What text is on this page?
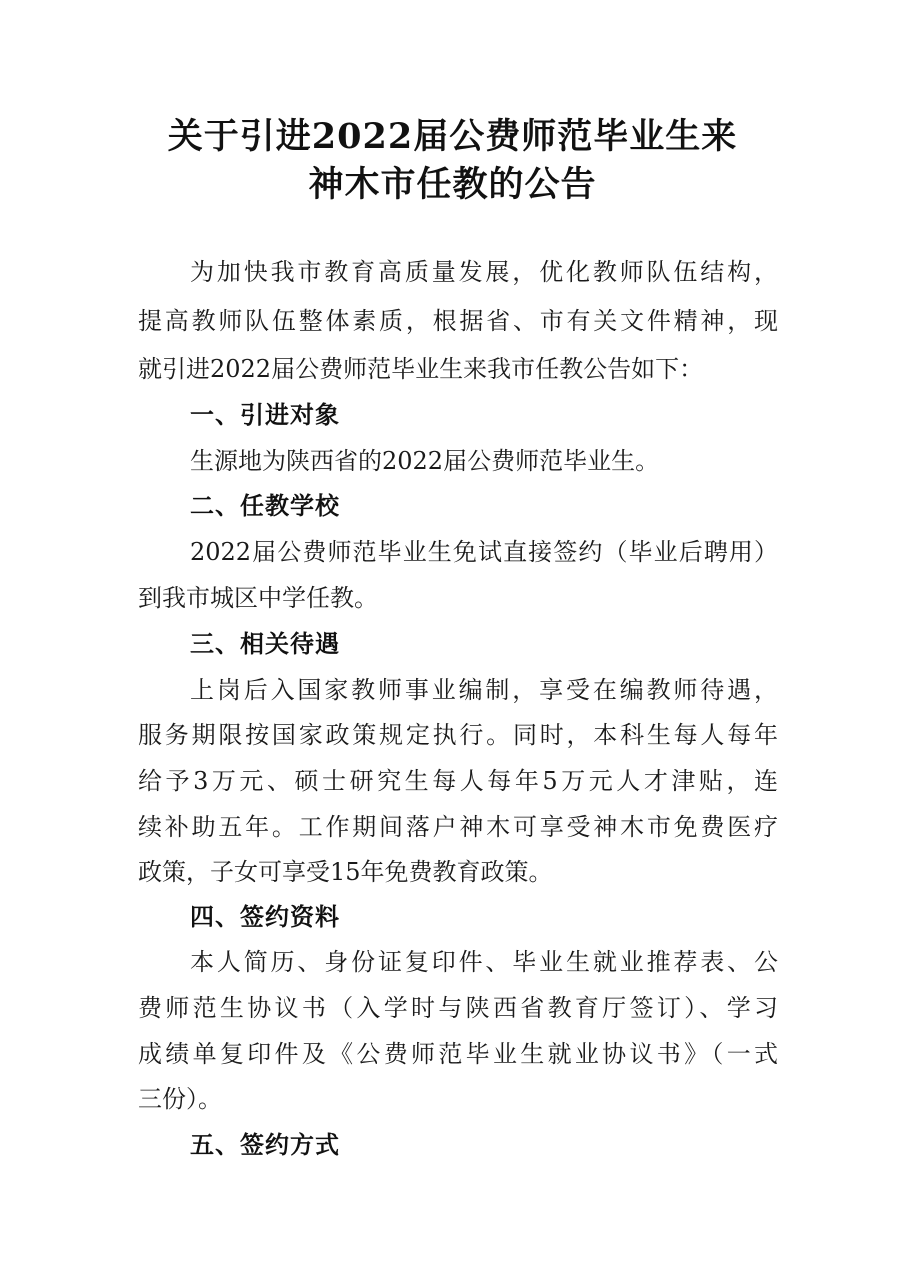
关于引进2022届公费师范毕业生来
神木市任教的公告
为加快我市教育高质量发展，优化教师队伍结构，
提高教师队伍整体素质，根据省、市有关文件精神，现
就引进2022届公费师范毕业生来我市任教公告如下：
一、引进对象
生源地为陕西省的2022届公费师范毕业生。
二、任教学校
2022届公费师范毕业生免试直接签约（毕业后聘用）
到我市城区中学任教。
三、相关待遇
上岗后入国家教师事业编制，享受在编教师待遇，
服务期限按国家政策规定执行。同时，本科生每人每年
给予3万元、硕士研究生每人每年5万元人才津贴，连
续补助五年。工作期间落户神木可享受神木市免费医疗
政策，子女可享受15年免费教育政策。
四、签约资料
本人简历、身份证复印件、毕业生就业推荐表、公
费师范生协议书（入学时与陕西省教育厅签订）、学习
成绩单复印件及《公费师范毕业生就业协议书》（一式
三份）。
五、签约方式
